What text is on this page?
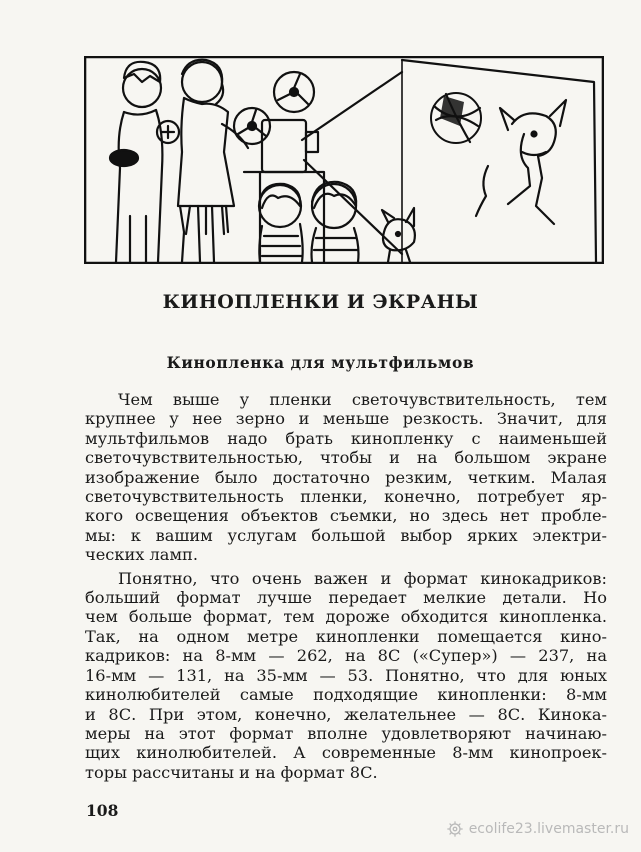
КИНОПЛЕНКИ И ЭКРАНЫ
Кинопленка для мультфильмов
Чем выше у пленки светочувствительность, тем
крупнее у нее зерно и меньше резкость. Значит, для
мультфильмов надо брать кинопленку с наименьшей
светочувствительностью, чтобы и на большом экране
изображение было достаточно резким, четким. Малая
светочувствительность пленки, конечно, потребует яр-
кого освещения объектов съемки, но здесь нет пробле-
мы: к вашим услугам большой выбор ярких электри-
ческих ламп.
Понятно, что очень важен и формат кинокадриков:
больший формат лучше передает мелкие детали. Но
чем больше формат, тем дороже обходится кинопленка.
Так, на одном метре кинопленки помещается кино-
кадриков: на 8-мм — 262, на 8С («Супер») — 237, на
16-мм — 131, на 35-мм — 53. Понятно, что для юных
кинолюбителей самые подходящие кинопленки: 8-мм
и 8С. При этом, конечно, желательнее — 8С. Кинока-
меры на этот формат вполне удовлетворяют начинаю-
щих кинолюбителей. А современные 8-мм кинопроек-
торы рассчитаны и на формат 8С.
108
ecolife23.livemaster.ru
